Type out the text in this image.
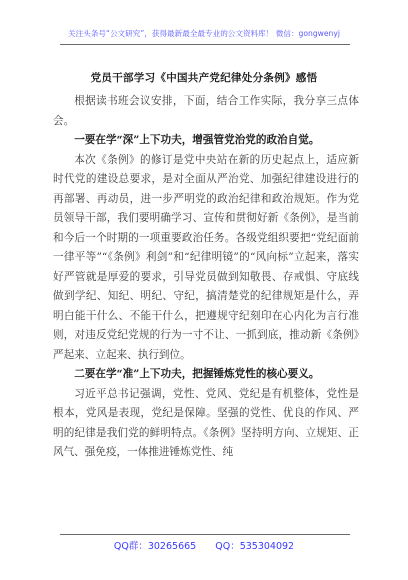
关注头条号“公文研究”，获得最新最全最专业的公文资料库！ 微信：gongwenyj
党员干部学习《中国共产党纪律处分条例》感悟

根据读书班会议安排，下面，结合工作实际，我分享三点体会。

一要在学“深”上下功夫，增强管党治党的政治自觉。

本次《条例》的修订是党中央站在新的历史起点上，适应新时代党的建设总要求，是对全面从严治党、加强纪律建设进行的再部署、再动员，进一步严明党的政治纪律和政治规矩。作为党员领导干部，我们要明确学习、宣传和贯彻好新《条例》，是当前和今后一个时期的一项重要政治任务。各级党组织要把“党纪面前一律平等”“《条例》利剑”和“纪律明镜”的“风向标”立起来，落实好严管就是厚爱的要求，引导党员做到知敬畏、存戒惧、守底线做到学纪、知纪、明纪、守纪，搞清楚党的纪律规矩是什么，弄明白能干什么、不能干什么，把遵规守纪刻印在心内化为言行准则，对违反党纪党规的行为一寸不让、一抓到底，推动新《条例》严起来、立起来、执行到位。

二要在学“准”上下功夫，把握锤炼党性的核心要义。

习近平总书记强调，党性、党风、党纪是有机整体，党性是根本，党风是表现，党纪是保障。坚强的党性、优良的作风、严明的纪律是我们党的鲜明特点。《条例》坚持明方向、立规矩、正风气、强免疫，一体推进锤炼党性、纯

QQ群：30265665 QQ：535304092
